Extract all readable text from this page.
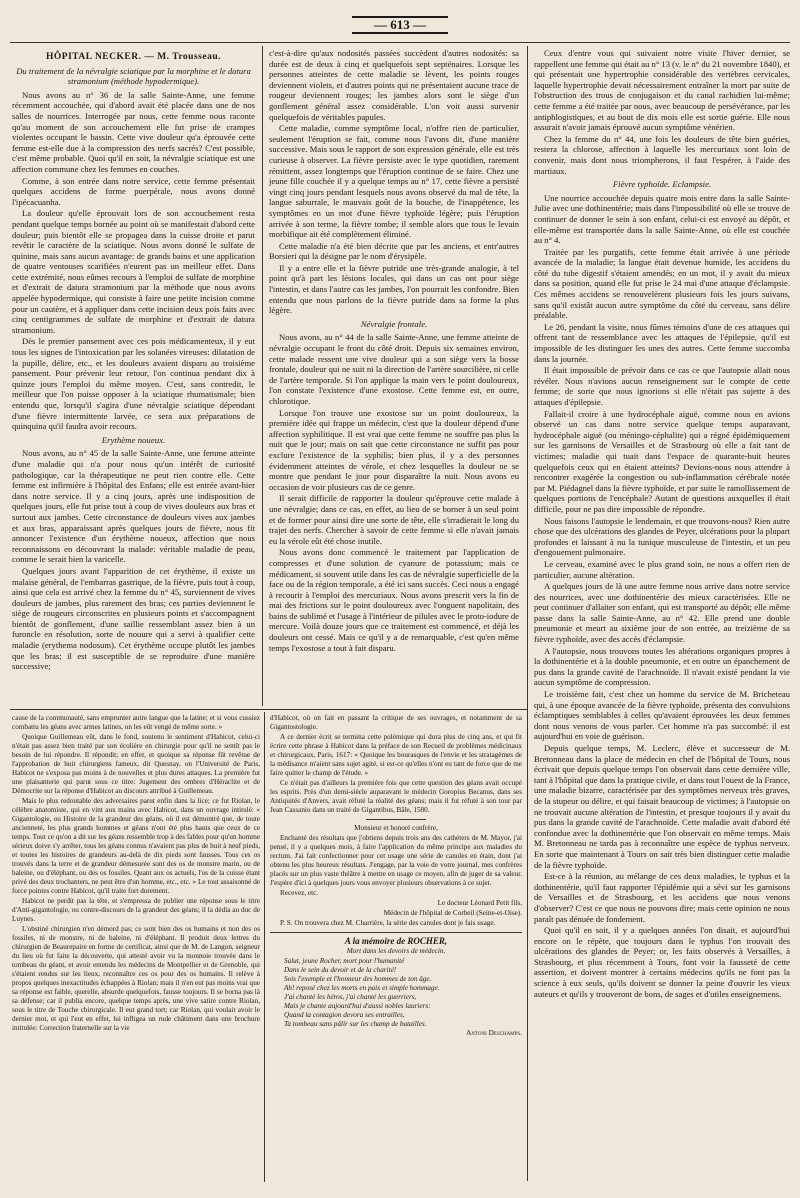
— 613 —
HÔPITAL NECKER. — M. Trousseau.

Du traitement de la névralgie sciatique par la morphine et le datura stramonium (méthode hypodermique).

Nous avons au n° 36 de la salle Sainte-Anne, une femme récemment accouchée, qui d'abord avait été placée dans une de nos salles de nourrices. Interrogée par nous, cette femme nous raconte qu'au moment de son accouchement elle fut prise de crampes violentes occupant le bassin. Cette vive douleur qu'a éprouvée cette femme est-elle due à la compression des nerfs sacrés? C'est possible, c'est même probable. Quoi qu'il en soit, la névralgie sciatique est une affection commune chez les femmes en couches.

Comme, à son entrée dans notre service, cette femme présentait quelques accidens de forme puerpérale, nous avons donné l'ipécacuanha.

La douleur qu'elle éprouvait lors de son accouchement resta pendant quelque temps bornée au point où se manifestait d'abord cette douleur; puis bientôt elle se propagea dans la cuisse droite et parut revêtir le caractère de la sciatique. Nous avons donné le sulfate de quinine, mais sans aucun avantage: de grands bains et une application de quatre ventouses scarifiées n'eurent pas un meilleur effet. Dans cette extrémité, nous eûmes recours à l'emploi de sulfate de morphine et d'extrait de datura stramonium par la méthode que nous avons appelée hypodermique, qui consiste à faire une petite incision comme pour un cautère, et à appliquer dans cette incision deux pois faits avec cinq centigrammes de sulfate de morphine et d'extrait de datura stramonium.

Dès le premier pansement avec ces pois médicamenteux, il y eut tous les signes de l'intoxication par les solanées vireuses: dilatation de la pupille, délire, etc., et les douleurs avaient disparu au troisième pansement. Pour prévenir leur retour, l'on continua pendant dix à quinze jours l'emploi du même moyen. C'est, sans contredit, le meilleur que l'on puisse opposer à la sciatique rhumatismale; bien entendu que, lorsqu'il s'agira d'une névralgie sciatique dépendant d'une fièvre intermittente larvée, ce sera aux préparations de quinquina qu'il faudra avoir recours.

Erythème noueux.

Nous avons, au n° 45 de la salle Sainte-Anne, une femme atteinte d'une maladie qui n'a pour nous qu'un intérêt de curiosité pathologique, car la thérapeutique ne peut rien contre elle. Cette femme est infirmière à l'hôpital des Enfans; elle est entrée avant-hier dans notre service. Il y a cinq jours, après une indisposition de quelques jours, elle fut prise tout à coup de vives douleurs aux bras et surtout aux jambes. Cette circonstance de douleurs vives aux jambes et aux bras, apparaissant après quelques jours de fièvre, nous fit annoncer l'existence d'un érythème noueux, affection que nous reconnaissons en découvrant la malade: véritable maladie de peau, comme le serait bien la varicelle.

Quelques jours avant l'apparition de cet érythème, il existe un malaise général, de l'embarras gastrique, de la fièvre, puis tout à coup, ainsi que cela est arrivé chez la femme du n° 45, surviennent de vives douleurs de jambes, plus rarement des bras; ces parties deviennent le siège de rougeurs circonscrites en plusieurs points et s'accompagnent bientôt de gonflement, d'une saillie ressemblant assez bien à un furoncle en résolution, sorte de nouure qui a servi à qualifier cette maladie (erythema nodosum). Cet érythème occupe plutôt les jambes que les bras; il est susceptible de se reproduire d'une manière successive;

c'est-à-dire qu'aux nodosités passées succèdent d'autres nodosités: sa durée est de deux à cinq et quelquefois sept septénaires. Lorsque les personnes atteintes de cette maladie se lèvent, les points rouges deviennent violets, et d'autres points qui ne présentaient aucune trace de rougeur deviennent rouges; les jambes alors sont le siège d'un gonflement général assez considérable. L'on voit aussi survenir quelquefois de véritables papules.

Cette maladie, comme symptôme local, n'offre rien de particulier, seulement l'éruption se fait, comme nous l'avons dit, d'une manière successive. Mais sous le rapport de son expression générale, elle est très curieuse à observer. La fièvre persiste avec le type quotidien, rarement rémittent, assez longtemps que l'éruption continue de se faire. Chez une jeune fille couchée il y a quelque temps au n° 17, cette fièvre a persisté vingt cinq jours pendant lesquels nous avons observé du mal de tête, la langue saburrale, le mauvais goût de la bouche, de l'inappétence, les symptômes en un mot d'une fièvre typhoïde légère; puis l'éruption arrivée à son terme, la fièvre tombe; il semble alors que tous le levain morbifique ait été complètement éliminé.

Cette maladie n'a été bien décrite que par les anciens, et entr'autres Borsieri qui la désigne par le nom d'érysipèle.

Il y a entre elle et la fièvre putride une très-grande analogie, à tel point qu'à part les lésions locales, qui dans un cas ont pour siège l'intestin, et dans l'autre cas les jambes, l'on pourrait les confondre. Bien entendu que nous parlons de la fièvre putride dans sa forme la plus légère.

Névralgie frontale.

Nous avons, au n° 44 de la salle Sainte-Anne, une femme atteinte de névralgie occupant le front du côté droit. Depuis six semaines environ, cette malade ressent une vive douleur qui a son siège vers la bosse frontale, douleur qui ne suit ni la direction de l'artère sourcilière, ni celle de l'artère temporale. Si l'on applique la main vers le point douloureux, l'on constate l'existence d'une exostose. Cette femme est, en outre, chlorotique.

Lorsque l'on trouve une exostose sur un point douloureux, la première idée qui frappe un médecin, c'est que la douleur dépend d'une affection syphilitique. Il est vrai que cette femme ne souffre pas plus la nuit que le jour; mais on sait que cette circonstance ne suffit pas pour exclure l'existence de la syphilis; bien plus, il y a des personnes évidemment atteintes de vérole, et chez lesquelles la douleur ne se montre que pendant le jour pour disparaître la nuit. Nous avons eu occasion de voir plusieurs cas de ce genre.

Il serait difficile de rapporter la douleur qu'éprouve cette malade à une névralgie; dans ce cas, en effet, au lieu de se borner à un seul point et de former pour ainsi dire une sorte de tête, elle s'irradierait le long du trajet des nerfs. Chercher à savoir de cette femme si elle n'avait jamais eu la vérole eût été chose inutile.

Nous avons donc commencé le traitement par l'application de compresses et d'une solution de cyanure de potassium; mais ce médicament, si souvent utile dans les cas de névralgie superficielle de la face ou de la région temporale, a été ici sans succès. Ceci nous a engagé à recourir à l'emploi des mercuriaux. Nous avons prescrit vers la fin de mai des frictions sur le point douloureux avec l'onguent napolitain, des bains de sublimé et l'usage à l'intérieur de pilules avec le proto-iodure de mercure. Voilà douze jours que ce traitement est commencé, et déjà les douleurs ont cessé. Mais ce qu'il y a de remarquable, c'est qu'en même temps l'exostose a tout à fait disparu.

Ceux d'entre vous qui suivaient notre visite l'hiver dernier, se rappellent une femme qui était au n° 13 (v. le n° du 21 novembre 1840), et qui présentait une hypertrophie considérable des vertèbres cervicales, laquelle hypertrophie devait nécessairement entraîner la mort par suite de l'obstruction des trous de conjugaison et du canal rachidien lui-même; cette femme a été traitée par nous, avec beaucoup de persévérance, par les antiphlogistiques, et au bout de dix mois elle est sortie guérie. Elle nous assurait n'avoir jamais éprouvé aucun symptôme vénérien.

Chez la femme du n° 44, une fois les douleurs de tête bien guéries, restera la chlorose, affection à laquelle les mercuriaux sont loin de convenir, mais dont nous triompherons, il faut l'espérer, à l'aide des martiaux.

Fièvre typhoïde. Eclampsie.

Une nourrice accouchée depuis quatre mois entre dans la salle Sainte-Julie avec une dothinentérie; mais dans l'impossibilité où elle se trouve de continuer de donner le sein à son enfant, celui-ci est envoyé au dépôt, et elle-même est transportée dans la salle Sainte-Anne, où elle est couchée au n° 4.

Traitée par les purgatifs, cette femme était arrivée à une période avancée de la maladie; la langue était devenue humide, les accidens du côté du tube digestif s'étaient amendés; en un mot, il y avait du mieux dans sa position, quand elle fut prise le 24 mai d'une attaque d'éclampsie. Ces mêmes accidens se renouvelèrent plusieurs fois les jours suivans, sans qu'il existât aucun autre symptôme du côté du cerveau, sans délire préalable.

Le 26, pendant la visite, nous fûmes témoins d'une de ces attaques qui offrent tant de ressemblance avec les attaques de l'épilepsie, qu'il est impossible de les distinguer les unes des autres. Cette femme succomba dans la journée.

Il était impossible de prévoir dans ce cas ce que l'autopsie allait nous révéler. Nous n'avions aucun renseignement sur le compte de cette femme; de sorte que nous ignorions si elle n'était pas sujette à des attaques d'épilepsie.

Fallait-il croire à une hydrocéphale aiguë, comme nous en avions observé un cas dans notre service quelque temps auparavant, hydrocéphale aiguë (ou méningo-céphalite) qui a régné épidémiquement sur les garnisons de Versailles et de Strasbourg où elle a fait tant de victimes; maladie qui tuait dans l'espace de quarante-huit heures quelquefois ceux qui en étaient atteints? Devions-nous nous attendre à rencontrer exagérée la congestion ou sub-inflammation cérébrale notée par M. Piédagnel dans la fièvre typhoïde, et par suite le ramollissement de quelques portions de l'encéphale? Autant de questions auxquelles il était difficile, pour ne pas dire impossible de répondre.

Nous faisons l'autopsie le lendemain, et que trouvons-nous? Rien autre chose que des ulcérations des glandes de Peyer, ulcérations pour la plupart profondes et laissant à nu la tunique musculeuse de l'intestin, et un peu d'engouement pulmonaire.

Le cerveau, examiné avec le plus grand soin, ne nous a offert rien de particulier, aucune altération.

A quelques jours de là une autre femme nous arrive dans notre service des nourrices, avec une dothinentérie des mieux caractérisées. Elle ne peut continuer d'allaiter son enfant, qui est transporté au dépôt; elle même passe dans la salle Sainte-Anne, au n° 42. Elle prend une double pneumonie et meurt au sixième jour de son entrée, au treizième de sa fièvre typhoïde, avec des accès d'éclampsie.

A l'autopsie, nous trouvons toutes les altérations organiques propres à la dothinentérie et à la double pneumonie, et en outre un épanchement de pus dans la grande cavité de l'arachnoïde. Il n'avait existé pendant la vie aucun symptôme de compression.

Le troisième fait, c'est chez un homme du service de M. Bricheteau qui, à une époque avancée de la fièvre typhoïde, présenta des convulsions éclamptiques semblables à celles qu'avaient éprouvées les deux femmes dont nous venons de vous parler. Cet homme n'a pas succombé: il est aujourd'hui en voie de guérison.

Depuis quelque temps, M. Leclerc, élève et successeur de M. Bretonneau dans la place de médecin en chef de l'hôpital de Tours, nous écrivait que depuis quelque temps l'on observait dans cette dernière ville, tant à l'hôpital que dans la pratique civile, et dans tout l'ouest de la France, une maladie bizarre, caractérisée par des symptômes nerveux très graves, de la stupeur ou délire, et qui faisait beaucoup de victimes; à l'autopsie on ne trouvait aucune altération de l'intestin, et presque toujours il y avait du pus dans la grande cavité de l'arachnoïde. Cette maladie avait d'abord été confondue avec la dothinentérie que l'on observait en même temps. Mais M. Bretonneau ne tarda pas à reconnaître une espèce de typhus nerveux. En sorte que maintenant à Tours on sait très bien distinguer cette maladie de la fièvre typhoïde.

Est-ce à la réunion, au mélange de ces deux maladies, le typhus et la dothinentérie, qu'il faut rapporter l'épidémie qui a sévi sur les garnisons de Versailles et de Strasbourg, et les accidens que nous venons d'observer? C'est ce que nous ne pouvons dire; mais cette opinion ne nous paraît pas dénuée de fondement.

Quoi qu'il en soit, il y a quelques années l'on disait, et aujourd'hui encore on le répète, que toujours dans le typhus l'on trouvait des ulcérations des glandes de Peyer; or, les faits observés à Versailles, à Strasbourg, et plus récemment à Tours, font voir la fausseté de cette assertion, et doivent montrer à certains médecins qu'ils ne font pas la science à eux seuls, qu'ils doivent se donner la peine d'ouvrir les vieux auteurs et qu'ils y trouveront de bons, de sages et d'utiles enseignemens.

cause de la communauté, sans emprunter autre langue que la latine; et si vous cussiez combattu les géans avec armes latines, on les eût vengé de même sorte. »

Quoique Guillemeau eût, dans le fond, soutenu le sentiment d'Habicot, celui-ci n'était pas assez bien traité par son écolière en chirurgie pour qu'il ne sentît pas le besoin de lui répondre. Il répondit; en effet, et quoique sa réponse fût revêtue de l'approbation de huit chirurgiens fameux, dit Quesnay, on l'Université de Paris, Habicot ne s'exposa pas moins à de nouvelles et plus dures attaques. La première fut une plaisanterie qui parut sous ce titre: Jugement des ombres d'Héraclite et de Démocrite sur la réponse d'Habicot au discours attribué à Guillemeau.

Mais le plus redoutable des adversaires parut enfin dans la lice; ce fut Riolan, le célèbre anatomiste, qui en vint aux mains avec Habicot, dans un ouvrage intitulé: « Gigantologie, ou Histoire de la grandeur des géans, où il est démontré que, de toute ancienneté, les plus grands hommes et géans n'ont été plus hauts que ceux de ce temps. Tout ce qu'on a dit sur les géans ressemble trop à des fables pour qu'un homme sérieux doive s'y arrêter, tous les géans connus n'avaient pas plus de huit à neuf pieds, et toutes les histoires de grandeurs au-delà de dix pieds sont fausses. Tous ces os trouvés dans la terre et de grandeur démesurée sont des os de monstre marin, ou de baleine, ou d'éléphant, ou des os fossiles. Quant aux os actuels, l'os de la cuisse étant privé des deux trochanters, ne peut être d'un homme, etc., etc. » Le tout assaisonné de force pointes contre Habicot, qu'il traite fort durement.

Habicot ne perdit pas la tête, et s'empressa de publier une réponse sous le titre d'Anti-gigantologie, ou contre-discours de la grandeur des géans; il la dédia au duc de Luynes.

L'obstiné chirurgien n'en démord pas; ce sont bien des os humains et non des os fossiles, ni de monstre, ni de baleine, ni d'éléphant. Il produit deux lettres du chirurgien de Beaurepaire en forme de certificat, ainsi que de M. de Langon, seigneur du lieu où fut faite la découverte, qui attesté avoir vu la monnoie trouvée dans le tombeau du géant, et avoir entendu les médecins de Montpellier et de Grenoble, qui s'étaient rendus sur les lieux, reconnaître ces os pour des os humains. Il relève à propos quelques inexactitudes échappées à Riolan; mais il n'en eut pas moins vrai que sa réponse est faible, querelle, absurde quelquefois, fausse toujours. Il se borna pas là sa défense; car il publia encore, quelque temps après, une vive satire contre Riolan, sous le titre de Touche chirurgicale. Il eut grand tort; car Riolan, qui voulait avoir le dernier mot, et qui l'eut en effet, lui infligea un rude châtiment dans une brochure intitulée: Correction fraternelle sur la vie

d'Habicot, où on fait en passant la critique de ses ouvrages, et notamment de sa Gigantostologie.

A ce dernier écrit se termina cette polémique qui dura plus de cinq ans, et qui fit écrire cette phrase à Habicot dans la préface de son Recueil de problèmes médicinaux et chirurgicaux, Paris, 1617: « Quoique les bourasques de l'envie et les stratagèmes de la médisance m'aient sans sujet agité, si est-ce qu'elles n'ont eu tant de force que de me faire quitter le champ de l'étude. »

Ce n'était pas d'ailleurs la première fois que cette question des géans avait occupé les esprits. Près d'un demi-siècle auparavant le médecin Goropius Becanus, dans ses Antiquités d'Anvers, avait réfuté la réalité des géans; mais il fut réfuté à son tour par Jean Cassanio dans un traité de Gigantibus, Bâle, 1580.

Monsieur et honoré confrère,

Enchanté des résultats que j'obtiens depuis trois ans des cathéters de M. Mayor, j'ai pensé, il y a quelques mois, à faire l'application du même principe aux maladies du rectum. J'ai fait confectionner pour cet usage une série de canules en étain, dont j'ai obtenu les plus heureux résultats. J'engage, par la voie de votre journal, mes confrères placés sur un plus vaste théâtre à mettre en usage ce moyen, afin de juger de sa valeur. J'espère d'ici à quelques jours vous envoyer plusieurs observations à ce sujet.

Recevez, etc.

Le docteur Léonard Petit fils,

Médecin de l'hôpital de Corbeil (Seine-et-Oise).

P. S. On trouvera chez M. Charrière, la série des canules dont je fais usage.

A la mémoire de ROCHER,

Mort dans les devoirs de médecin.

Salut, jeune Rocher, mort pour l'humanité

Dans le sein du devoir et de la charité!

Sois l'exemple et l'honneur des hommes de ton âge.

Ah! reposé chez les morts en paix et simple hommage.

J'ai chanté les héros, j'ai chanté les guerriers,

Mais je chante aujourd'hui d'aussi nobles lauriers:

Quand la contagion devora ses entrailles,

Ta tombeau sans pâlir sur les champ de batailles.

Antoni Deschamps.
